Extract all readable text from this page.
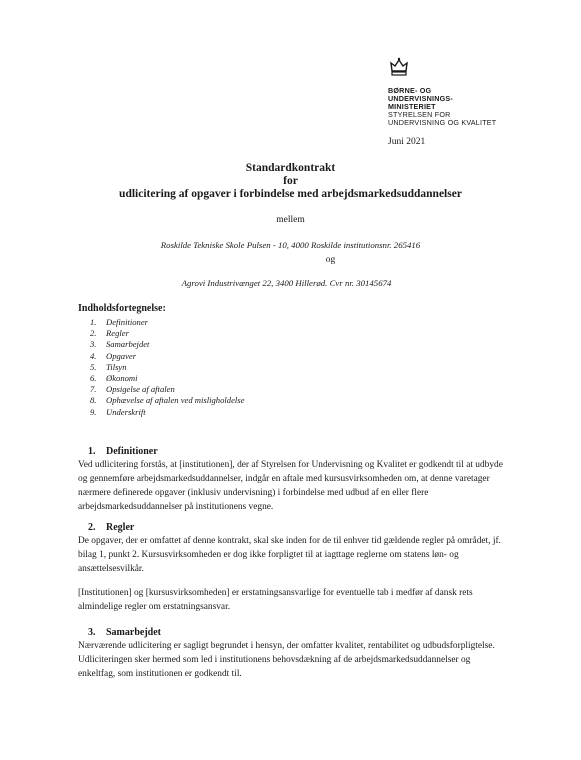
BØRNE- OG
UNDERVISNINGS-
MINISTERIET
STYRELSEN FOR
UNDERVISNING OG KVALITET
Juni 2021
Standardkontrakt
for
udlicitering af opgaver i forbindelse med arbejdsmarkedsuddannelser
mellem
Roskilde Tekniske Skole Pulsen - 10, 4000 Roskilde institutionsnr. 265416
og
Agrovi Industrivænget 22, 3400 Hillerød. Cvr nr. 30145674
Indholdsfortegnelse:
1. Definitioner
2. Regler
3. Samarbejdet
4. Opgaver
5. Tilsyn
6. Økonomi
7. Opsigelse af aftalen
8. Ophævelse af aftalen ved misligholdelse
9. Underskrift
1. Definitioner

Ved udlicitering forstås, at [institutionen], der af Styrelsen for Undervisning og Kvalitet er godkendt til at udbyde og gennemføre arbejdsmarkedsuddannelser, indgår en aftale med kursusvirksomheden om, at denne varetager nærmere definerede opgaver (inklusiv undervisning) i forbindelse med udbud af en eller flere arbejdsmarkedsuddannelser på institutionens vegne.

2. Regler

De opgaver, der er omfattet af denne kontrakt, skal ske inden for de til enhver tid gældende regler på området, jf. bilag 1, punkt 2. Kursusvirksomheden er dog ikke forpligtet til at iagttage reglerne om statens løn- og ansættelsesvilkår.

[Institutionen] og [kursusvirksomheden] er erstatningsansvarlige for eventuelle tab i medfør af dansk rets almindelige regler om erstatningsansvar.

3. Samarbejdet

Nærværende udlicitering er sagligt begrundet i hensyn, der omfatter kvalitet, rentabilitet og udbudsforpligtelse. Udliciteringen sker hermed som led i institutionens behovsdækning af de arbejdsmarkedsuddannelser og enkeltfag, som institutionen er godkendt til.
